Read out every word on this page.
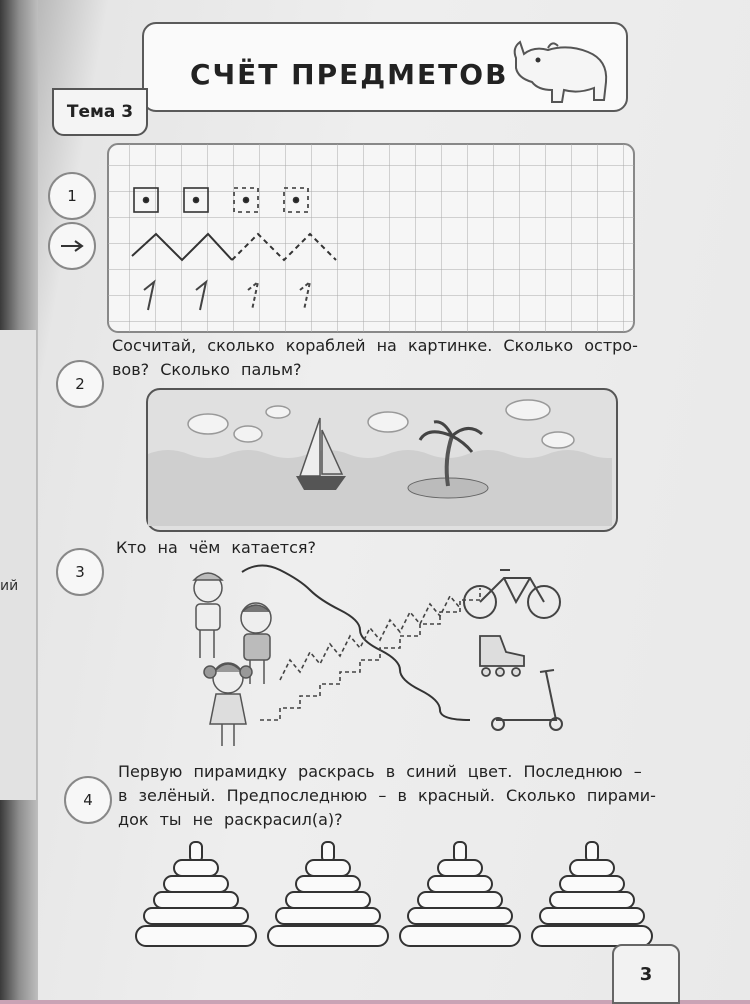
ий
СЧЁТ ПРЕДМЕТОВ
Тема 3
1
2
Сосчитай, сколько кораблей на картинке. Сколько остро-
вов? Сколько пальм?
3
Кто на чём катается?
4
Первую пирамидку раскрась в синий цвет. Последнюю –
в зелёный. Предпоследнюю – в красный. Сколько пирами-
док ты не раскрасил(а)?
3
